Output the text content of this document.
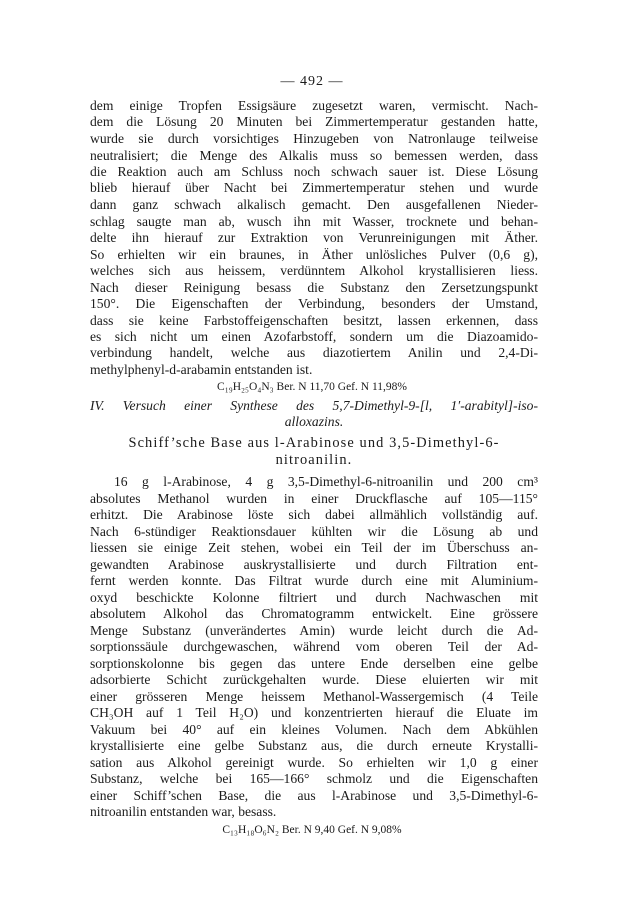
— 492 —
dem einige Tropfen Essigsäure zugesetzt waren, vermischt. Nach-
dem die Lösung 20 Minuten bei Zimmertemperatur gestanden hatte,
wurde sie durch vorsichtiges Hinzugeben von Natronlauge teilweise
neutralisiert; die Menge des Alkalis muss so bemessen werden, dass
die Reaktion auch am Schluss noch schwach sauer ist. Diese Lösung
blieb hierauf über Nacht bei Zimmertemperatur stehen und wurde
dann ganz schwach alkalisch gemacht. Den ausgefallenen Nieder-
schlag saugte man ab, wusch ihn mit Wasser, trocknete und behan-
delte ihn hierauf zur Extraktion von Verunreinigungen mit Äther.
So erhielten wir ein braunes, in Äther unlösliches Pulver (0,6 g),
welches sich aus heissem, verdünntem Alkohol krystallisieren liess.
Nach dieser Reinigung besass die Substanz den Zersetzungspunkt
150°. Die Eigenschaften der Verbindung, besonders der Umstand,
dass sie keine Farbstoffeigenschaften besitzt, lassen erkennen, dass
es sich nicht um einen Azofarbstoff, sondern um die Diazoamido-
verbindung handelt, welche aus diazotiertem Anilin und 2,4-Di-
methylphenyl-d-arabamin entstanden ist.
C₁₉H₂₅O₄N₃ Ber. N 11,70 Gef. N 11,98%
IV. Versuch einer Synthese des 5,7-Dimethyl-9-[l, 1′-arabityl]-iso-
alloxazins.
Schiff’sche Base aus l-Arabinose und 3,5-Dimethyl-6-
nitroanilin.
16 g l-Arabinose, 4 g 3,5-Dimethyl-6-nitroanilin und 200 cm³
absolutes Methanol wurden in einer Druckflasche auf 105—115°
erhitzt. Die Arabinose löste sich dabei allmählich vollständig auf.
Nach 6-stündiger Reaktionsdauer kühlten wir die Lösung ab und
liessen sie einige Zeit stehen, wobei ein Teil der im Überschuss an-
gewandten Arabinose auskrystallisierte und durch Filtration ent-
fernt werden konnte. Das Filtrat wurde durch eine mit Aluminium-
oxyd beschickte Kolonne filtriert und durch Nachwaschen mit
absolutem Alkohol das Chromatogramm entwickelt. Eine grössere
Menge Substanz (unverändertes Amin) wurde leicht durch die Ad-
sorptionssäule durchgewaschen, während vom oberen Teil der Ad-
sorptionskolonne bis gegen das untere Ende derselben eine gelbe
adsorbierte Schicht zurückgehalten wurde. Diese eluierten wir mit
einer grösseren Menge heissem Methanol-Wassergemisch (4 Teile
CH₃OH auf 1 Teil H₂O) und konzentrierten hierauf die Eluate im
Vakuum bei 40° auf ein kleines Volumen. Nach dem Abkühlen
krystallisierte eine gelbe Substanz aus, die durch erneute Krystalli-
sation aus Alkohol gereinigt wurde. So erhielten wir 1,0 g einer
Substanz, welche bei 165—166° schmolz und die Eigenschaften
einer Schiff’schen Base, die aus l-Arabinose und 3,5-Dimethyl-6-
nitroanilin entstanden war, besass.
C₁₃H₁₈O₆N₂ Ber. N 9,40 Gef. N 9,08%
